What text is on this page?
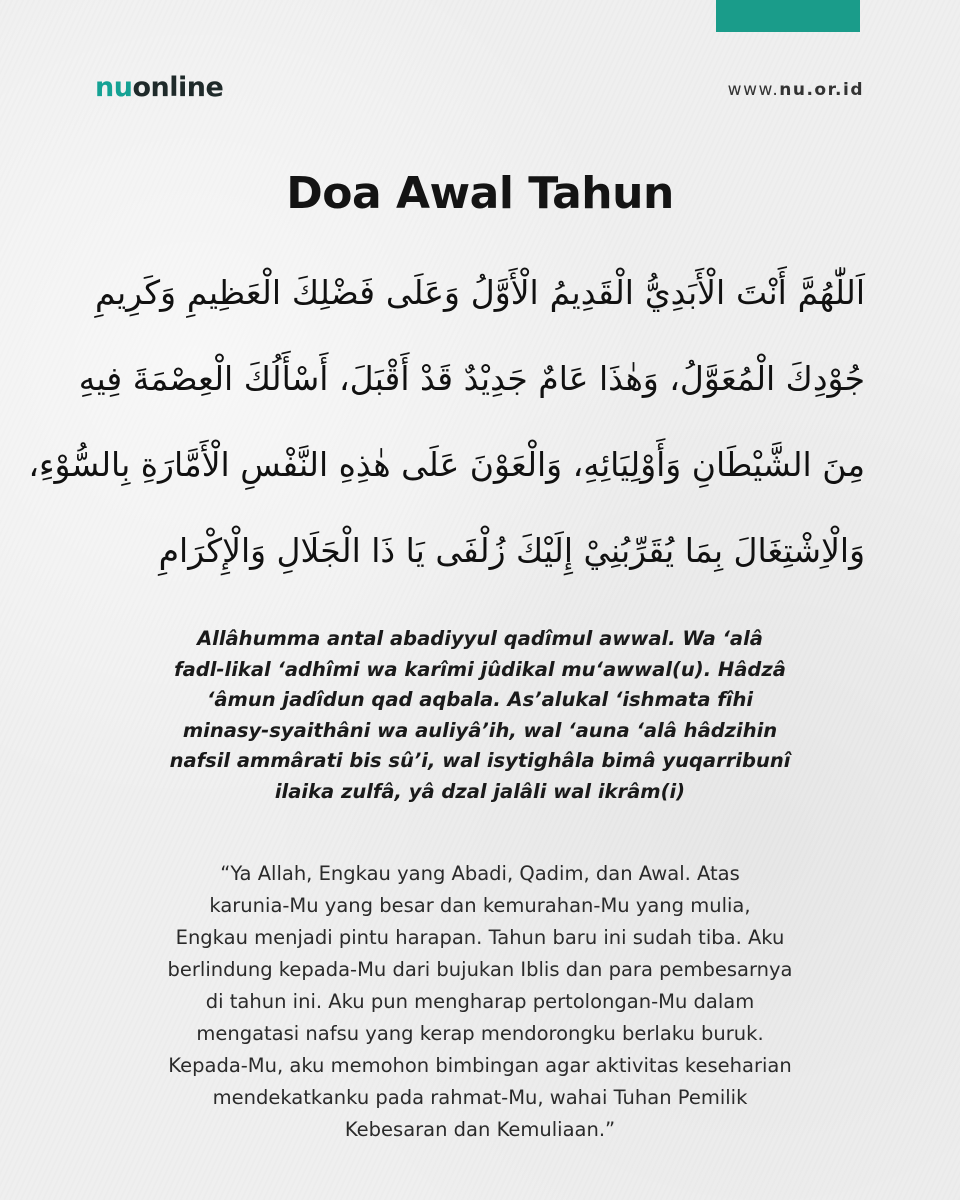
nuonline	www.nu.or.id
Doa Awal Tahun
اَللّٰهُمَّ أَنْتَ الْأَبَدِيُّ الْقَدِيمُ الْأَوَّلُ وَعَلَى فَضْلِكَ الْعَظِيمِ وَكَرِيمِ
جُوْدِكَ الْمُعَوَّلُ، وَهٰذَا عَامٌ جَدِيْدٌ قَدْ أَقْبَلَ، أَسْأَلُكَ الْعِصْمَةَ فِيهِ
مِنَ الشَّيْطَانِ وَأَوْلِيَائِهِ، وَالْعَوْنَ عَلَى هٰذِهِ النَّفْسِ الْأَمَّارَةِ بِالسُّوْءِ،
وَالْاِشْتِغَالَ بِمَا يُقَرِّبُنِيْ إِلَيْكَ زُلْفَى يَا ذَا الْجَلَالِ وَالْإِكْرَامِ
Allâhumma antal abadiyyul qadîmul awwal. Wa ‘alâ
fadl-likal ‘adhîmi wa karîmi jûdikal mu‘awwal(u). Hâdzâ
‘âmun jadîdun qad aqbala. As’alukal ‘ishmata fîhi
minasy-syaithâni wa auliyâ’ih, wal ‘auna ‘alâ hâdzihin
nafsil ammârati bis sû’i, wal isytighâla bimâ yuqarribunî
ilaika zulfâ, yâ dzal jalâli wal ikrâm(i)
“Ya Allah, Engkau yang Abadi, Qadim, dan Awal. Atas
karunia-Mu yang besar dan kemurahan-Mu yang mulia,
Engkau menjadi pintu harapan. Tahun baru ini sudah tiba. Aku
berlindung kepada-Mu dari bujukan Iblis dan para pembesarnya
di tahun ini. Aku pun mengharap pertolongan-Mu dalam
mengatasi nafsu yang kerap mendorongku berlaku buruk.
Kepada-Mu, aku memohon bimbingan agar aktivitas keseharian
mendekatkanku pada rahmat-Mu, wahai Tuhan Pemilik
Kebesaran dan Kemuliaan.”
